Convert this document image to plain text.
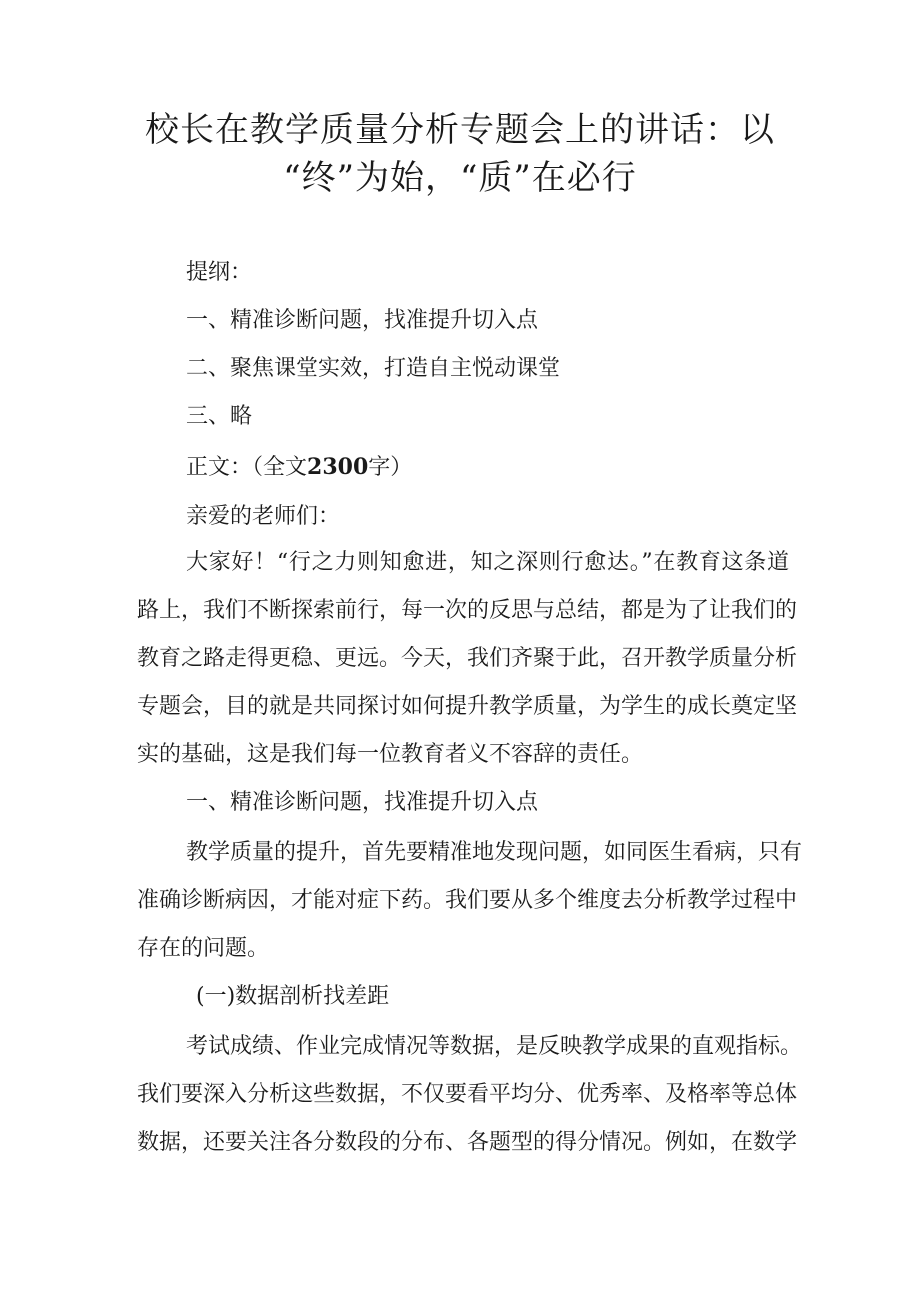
校长在教学质量分析专题会上的讲话：以
“终”为始，“质”在必行

提纲：

一、精准诊断问题，找准提升切入点

二、聚焦课堂实效，打造自主悦动课堂

三、略

正文：（全文2300字）

亲爱的老师们：

大家好！“行之力则知愈进，知之深则行愈达。”在教育这条道

路上，我们不断探索前行，每一次的反思与总结，都是为了让我们的

教育之路走得更稳、更远。今天，我们齐聚于此，召开教学质量分析

专题会，目的就是共同探讨如何提升教学质量，为学生的成长奠定坚

实的基础，这是我们每一位教育者义不容辞的责任。

一、精准诊断问题，找准提升切入点

教学质量的提升，首先要精准地发现问题，如同医生看病，只有

准确诊断病因，才能对症下药。我们要从多个维度去分析教学过程中

存在的问题。

(一)数据剖析找差距

考试成绩、作业完成情况等数据，是反映教学成果的直观指标。

我们要深入分析这些数据，不仅要看平均分、优秀率、及格率等总体

数据，还要关注各分数段的分布、各题型的得分情况。例如，在数学
